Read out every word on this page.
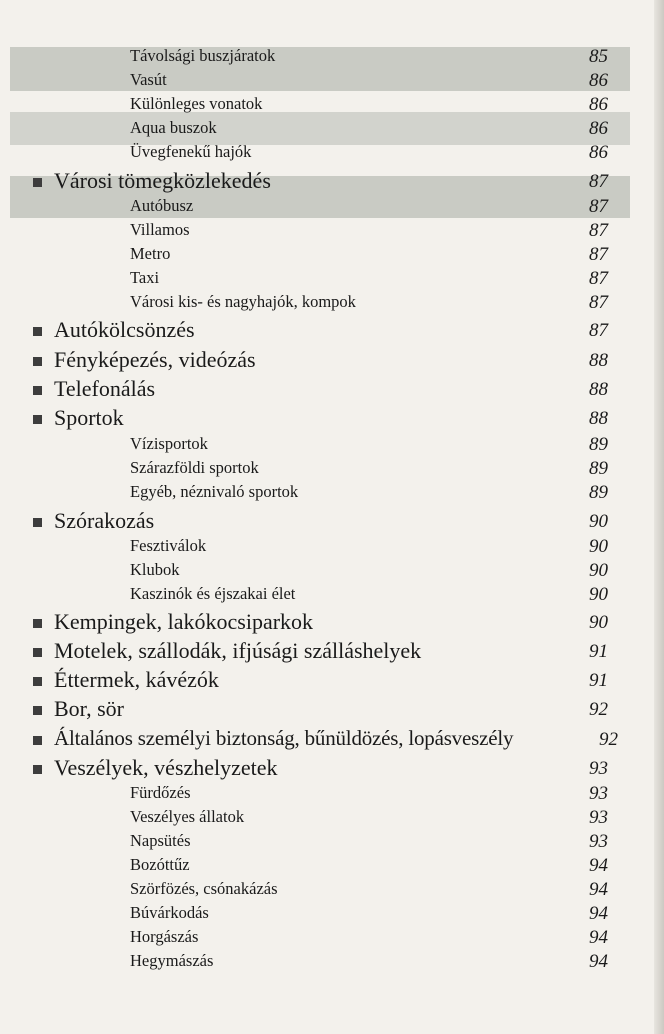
Távolsági buszjáratok	85
Vasút	86
Különleges vonatok	86
Aqua buszok	86
Üvegfenekű hajók	86
Városi tömegközlekedés	87
Autóbusz	87
Villamos	87
Metro	87
Taxi	87
Városi kis- és nagyhajók, kompok	87
Autókölcsönzés	87
Fényképezés, videózás	88
Telefonálás	88
Sportok	88
Vízisportok	89
Szárazföldi sportok	89
Egyéb, néznivaló sportok	89
Szórakozás	90
Fesztiválok	90
Klubok	90
Kaszinók és éjszakai élet	90
Kempingek, lakókocsiparkok	90
Motelek, szállodák, ifjúsági szálláshelyek	91
Éttermek, kávézók	91
Bor, sör	92
Általános személyi biztonság, bűnüldözés, lopásveszély	92
Veszélyek, vészhelyzetek	93
Fürdőzés	93
Veszélyes állatok	93
Napsütés	93
Bozóttűz	94
Szörfözés, csónakázás	94
Búvárkodás	94
Horgászás	94
Hegymászás	94
